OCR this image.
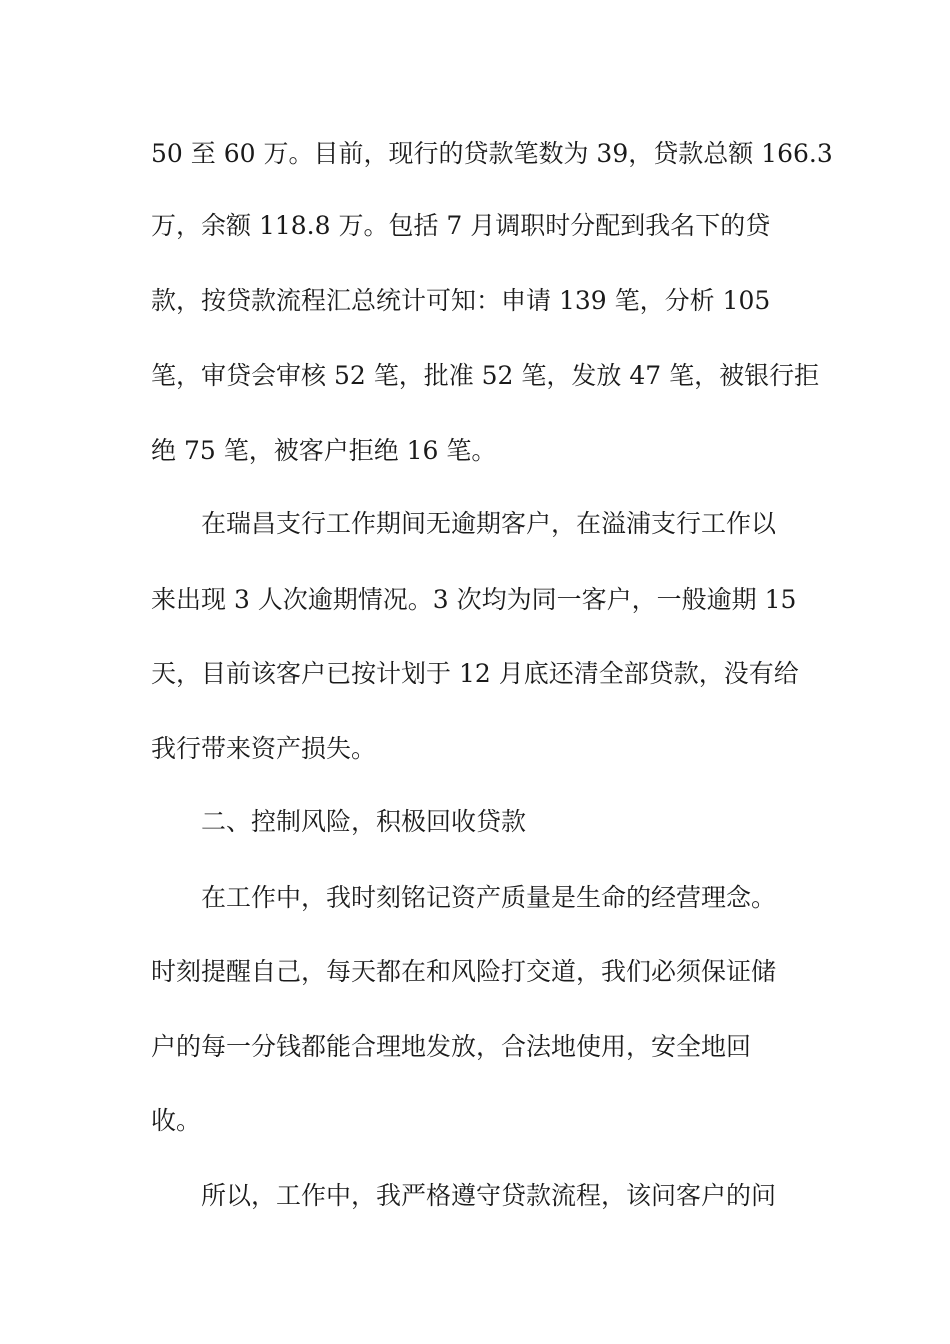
50 至 60 万。目前，现行的贷款笔数为 39，贷款总额 166.3
万，余额 118.8 万。包括 7 月调职时分配到我名下的贷
款，按贷款流程汇总统计可知：申请 139 笔，分析 105
笔，审贷会审核 52 笔，批准 52 笔，发放 47 笔，被银行拒
绝 75 笔，被客户拒绝 16 笔。
在瑞昌支行工作期间无逾期客户，在溢浦支行工作以
来出现 3 人次逾期情况。3 次均为同一客户，一般逾期 15
天，目前该客户已按计划于 12 月底还清全部贷款，没有给
我行带来资产损失。
二、控制风险，积极回收贷款
在工作中，我时刻铭记资产质量是生命的经营理念。
时刻提醒自己，每天都在和风险打交道，我们必须保证储
户的每一分钱都能合理地发放，合法地使用，安全地回
收。
所以，工作中，我严格遵守贷款流程，该问客户的问
